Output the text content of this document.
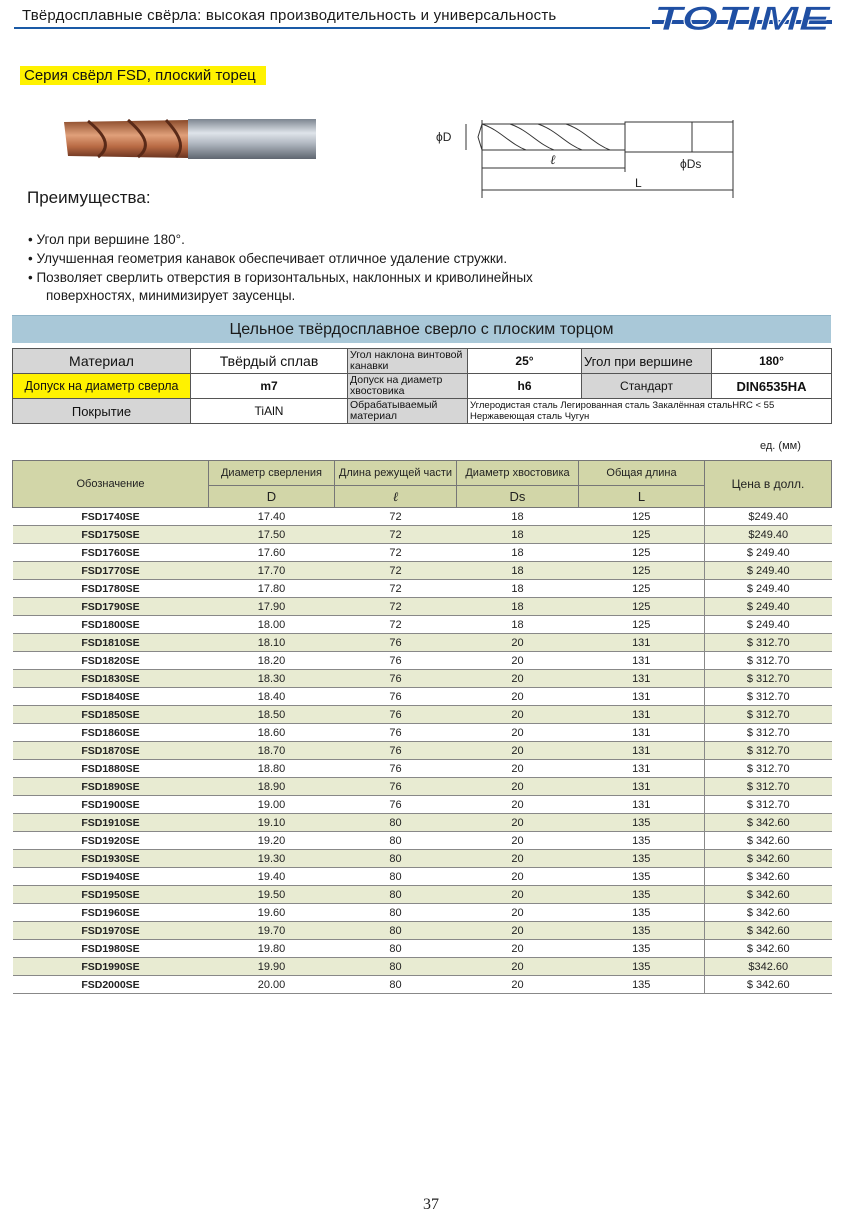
Твёрдосплавные свёрла: высокая производительность и универсальность	TOTIME
Серия свёрл FSD, плоский торец
ϕD
ℓ	ϕDs
L
Преимущества:
• Угол при вершине 180°.
• Улучшенная геометрия канавок обеспечивает отличное удаление стружки.
• Позволяет сверлить отверстия в горизонтальных, наклонных и криволинейных
поверхностях, минимизирует заусенцы.
Цельное твёрдосплавное сверло с плоским торцом
Материал	Твёрдый сплав	Угол наклона винтовой канавки	25°	Угол при вершине	180°
Допуск на диаметр сверла	m7	Допуск на диаметр хвостовика	h6	Стандарт	DIN6535HA
Покрытие	TiAlN	Обрабатываемый материал	Углеродистая сталь Легированная сталь Закалённая стальHRC < 55
Нержавеющая сталь Чугун		
ед. (мм)
Обозначение	Диаметр сверления	Длина режущей части	Диаметр хвостовика	Общая длина	Цена в долл.
	D	ℓ	Ds	L	
FSD1740SE	17.40	72	18	125	$249.40
FSD1750SE	17.50	72	18	125	$249.40
FSD1760SE	17.60	72	18	125	$ 249.40
FSD1770SE	17.70	72	18	125	$ 249.40
FSD1780SE	17.80	72	18	125	$ 249.40
FSD1790SE	17.90	72	18	125	$ 249.40
FSD1800SE	18.00	72	18	125	$ 249.40
FSD1810SE	18.10	76	20	131	$ 312.70
FSD1820SE	18.20	76	20	131	$ 312.70
FSD1830SE	18.30	76	20	131	$ 312.70
FSD1840SE	18.40	76	20	131	$ 312.70
FSD1850SE	18.50	76	20	131	$ 312.70
FSD1860SE	18.60	76	20	131	$ 312.70
FSD1870SE	18.70	76	20	131	$ 312.70
FSD1880SE	18.80	76	20	131	$ 312.70
FSD1890SE	18.90	76	20	131	$ 312.70
FSD1900SE	19.00	76	20	131	$ 312.70
FSD1910SE	19.10	80	20	135	$ 342.60
FSD1920SE	19.20	80	20	135	$ 342.60
FSD1930SE	19.30	80	20	135	$ 342.60
FSD1940SE	19.40	80	20	135	$ 342.60
FSD1950SE	19.50	80	20	135	$ 342.60
FSD1960SE	19.60	80	20	135	$ 342.60
FSD1970SE	19.70	80	20	135	$ 342.60
FSD1980SE	19.80	80	20	135	$ 342.60
FSD1990SE	19.90	80	20	135	$342.60
FSD2000SE	20.00	80	20	135	$ 342.60
37
